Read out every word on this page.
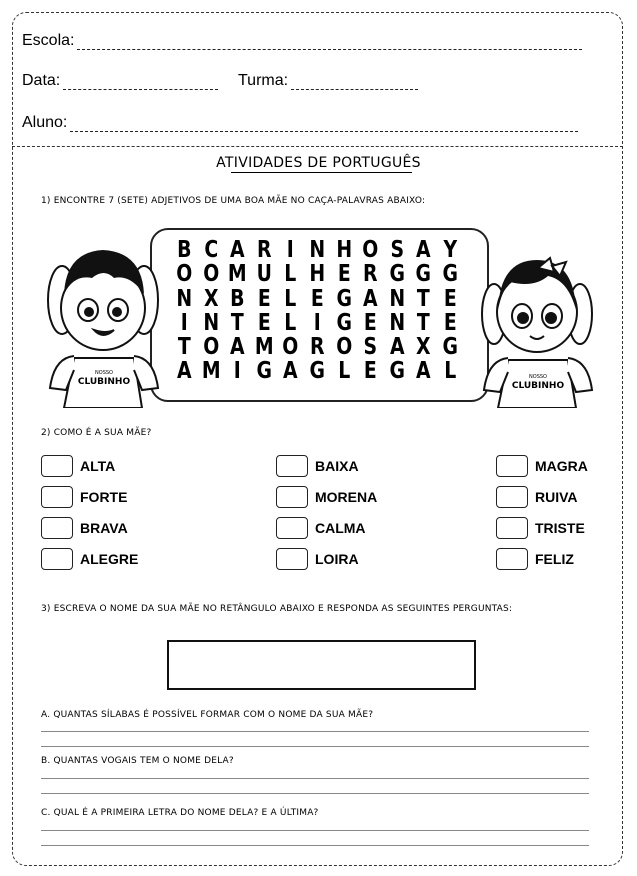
Escola:
Data:	Turma:
Aluno:
ATIVIDADES DE PORTUGUÊS
1) ENCONTRE 7 (SETE) ADJETIVOS DE UMA BOA MÃE NO CAÇA-PALAVRAS ABAIXO:
B C A R I N H O S A Y
O O M U L H E R G G G
N X B E L E G A N T E
I N T E L I G E N T E
T O A M O R O S A X G
A M I G A G L E G A L
NOSSO
CLUBINHO	NOSSO
CLUBINHO
2) COMO É A SUA MÃE?
ALTA	BAIXA	MAGRA
FORTE	MORENA	RUIVA
BRAVA	CALMA	TRISTE
ALEGRE	LOIRA	FELIZ
3) ESCREVA O NOME DA SUA MÃE NO RETÂNGULO ABAIXO E RESPONDA AS SEGUINTES PERGUNTAS:
A. QUANTAS SÍLABAS É POSSÍVEL FORMAR COM O NOME DA SUA MÃE?
B. QUANTAS VOGAIS TEM O NOME DELA?
C. QUAL É A PRIMEIRA LETRA DO NOME DELA? E A ÚLTIMA?
